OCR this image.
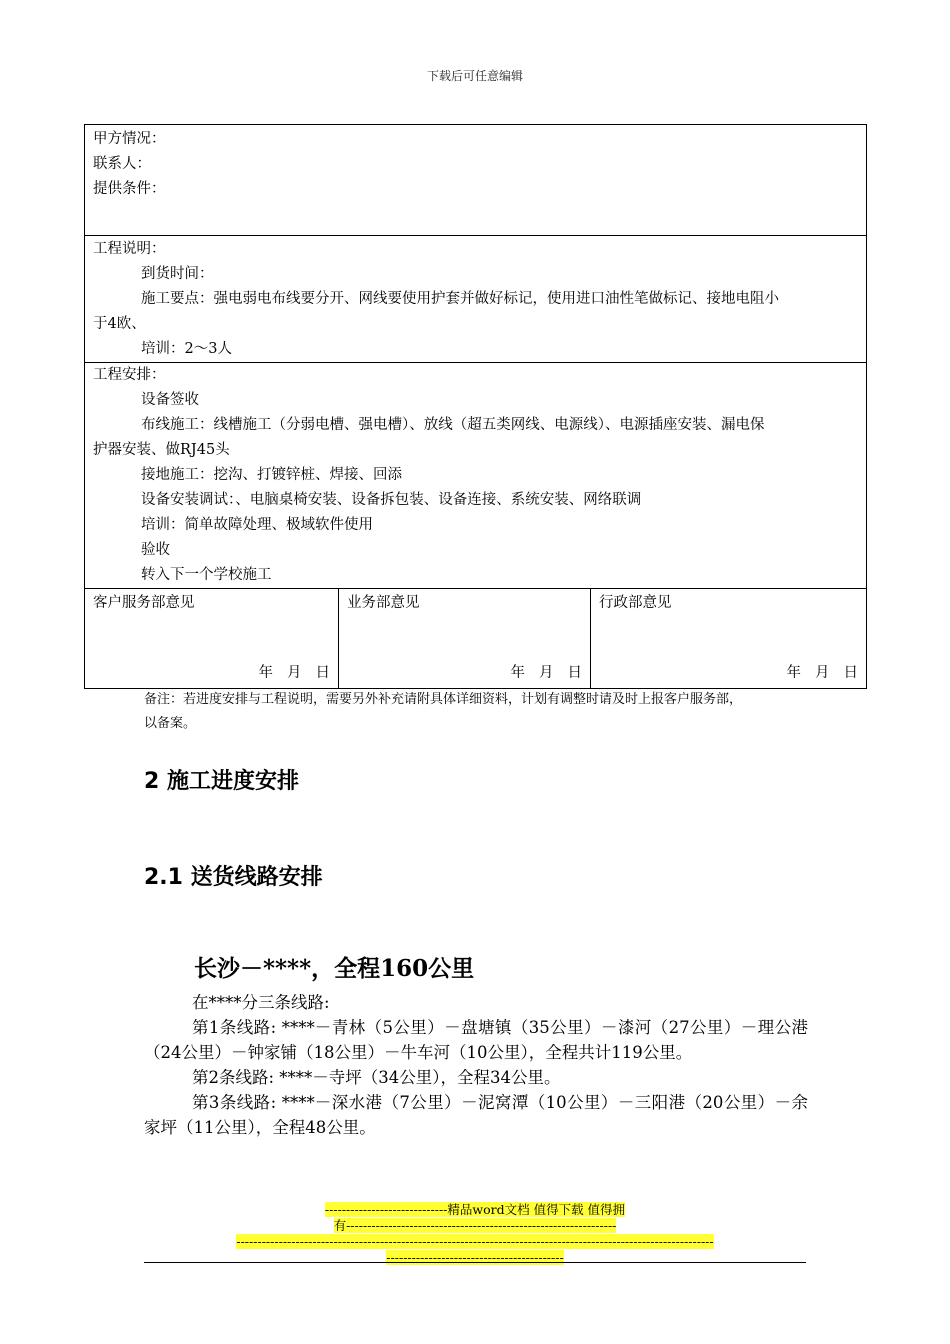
下载后可任意编辑
甲方情况：
联系人：
提供条件：

工程说明：
到货时间：
施工要点：强电弱电布线要分开、网线要使用护套并做好标记，使用进口油性笔做标记、接地电阻小
于4欧、
培训：2～3人

工程安排：
设备签收
布线施工：线槽施工（分弱电槽、强电槽）、放线（超五类网线、电源线）、电源插座安装、漏电保
护器安装、做RJ45头
接地施工：挖沟、打镀锌桩、焊接、回添
设备安装调试：、电脑桌椅安装、设备拆包装、设备连接、系统安装、网络联调
培训：简单故障处理、极域软件使用
验收
转入下一个学校施工

客户服务部意见
年 月 日

业务部意见
年 月 日

行政部意见
年 月 日
备注：若进度安排与工程说明，需要另外补充请附具体详细资料，计划有调整时请及时上报客户服务部，
以备案。
2 施工进度安排
2.1 送货线路安排
长沙－****，全程160公里

在****分三条线路:

第1条线路: ****－青林（5公里）－盘塘镇（35公里）－漆河（27公里）－理公港（24公里）－钟家铺（18公里）－牛车河（10公里），全程共计119公里。

第2条线路: ****－寺坪（34公里），全程34公里。

第3条线路: ****－深水港（7公里）－泥窝潭（10公里）－三阳港（20公里）－余家坪（11公里），全程48公里。

-----------------------------精品word文档 值得下载 值得拥
有----------------------------------------------------------------
-----------------------------------------------------------------------------------------------------------------
------------------------------------------
